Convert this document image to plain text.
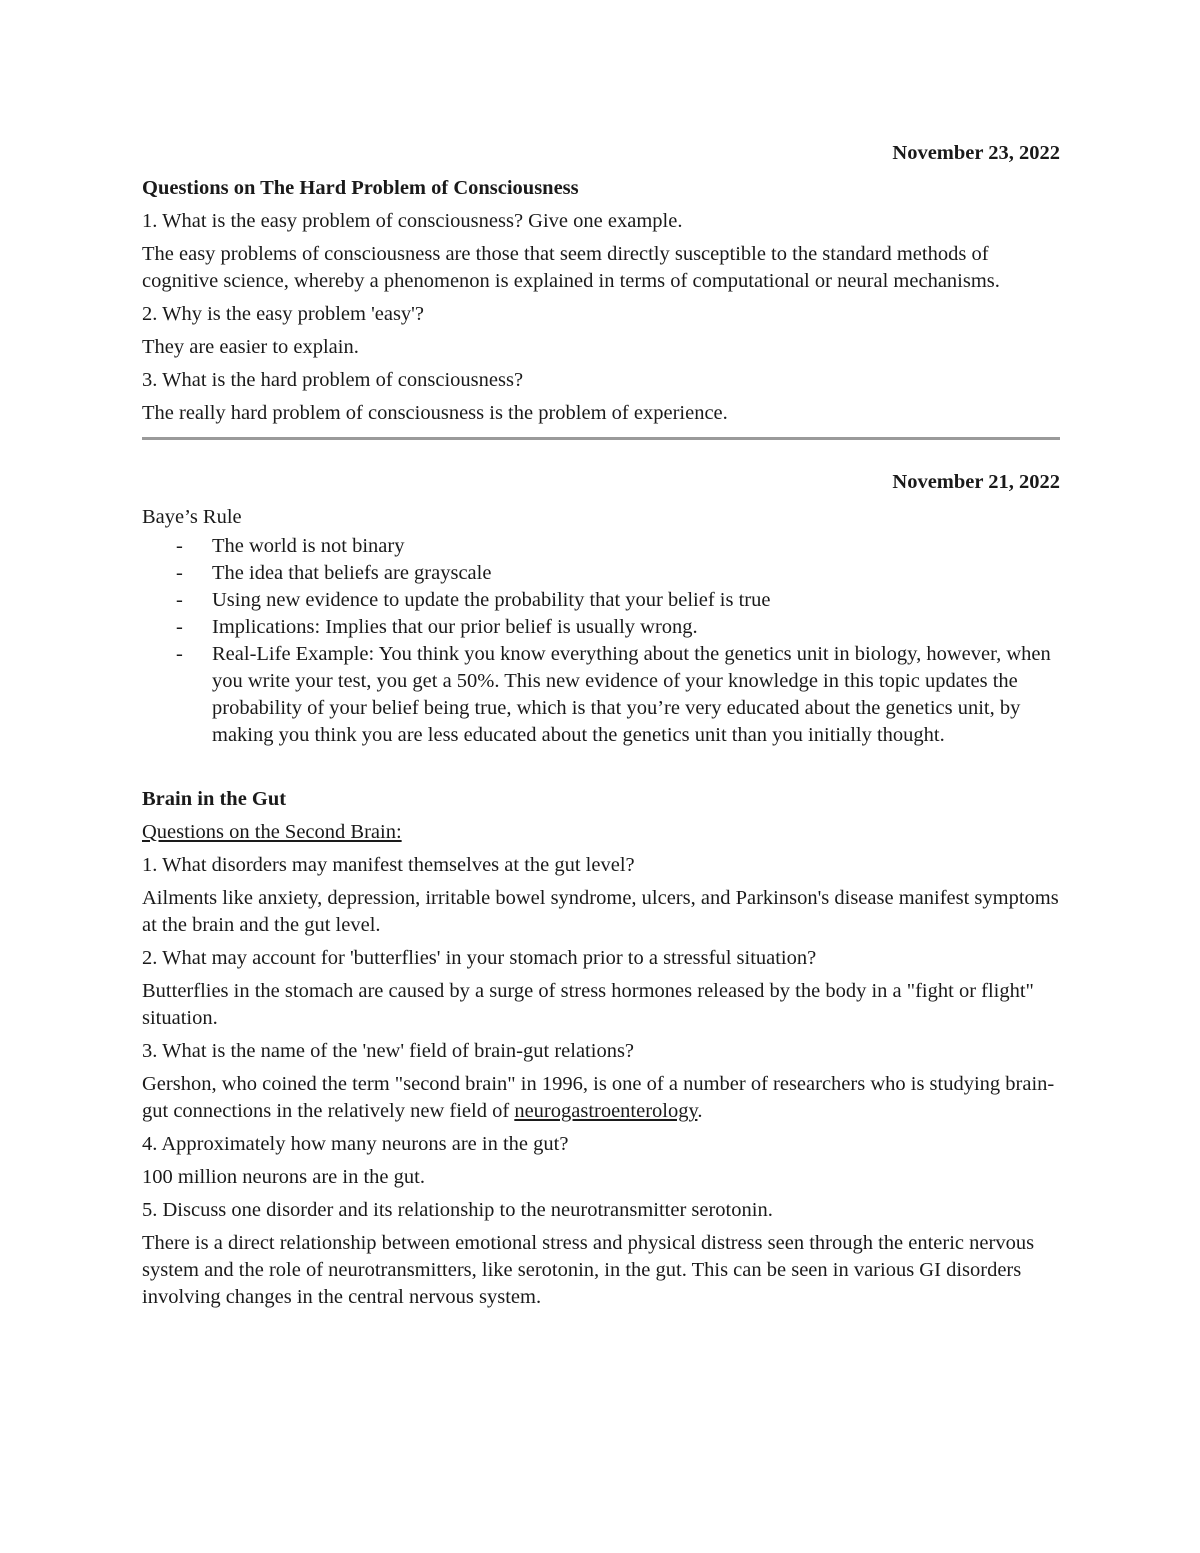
November 23, 2022

Questions on The Hard Problem of Consciousness

1. What is the easy problem of consciousness? Give one example.

The easy problems of consciousness are those that seem directly susceptible to the standard methods of cognitive science, whereby a phenomenon is explained in terms of computational or neural mechanisms.

2. Why is the easy problem 'easy'?

They are easier to explain.

3. What is the hard problem of consciousness?

The really hard problem of consciousness is the problem of experience.

November 21, 2022

Baye’s Rule

- The world is not binary
- The idea that beliefs are grayscale
- Using new evidence to update the probability that your belief is true
- Implications: Implies that our prior belief is usually wrong.
- Real-Life Example: You think you know everything about the genetics unit in biology, however, when you write your test, you get a 50%. This new evidence of your knowledge in this topic updates the probability of your belief being true, which is that you’re very educated about the genetics unit, by making you think you are less educated about the genetics unit than you initially thought.

Brain in the Gut

Questions on the Second Brain:

1. What disorders may manifest themselves at the gut level?

Ailments like anxiety, depression, irritable bowel syndrome, ulcers, and Parkinson's disease manifest symptoms at the brain and the gut level.

2. What may account for 'butterflies' in your stomach prior to a stressful situation?

Butterflies in the stomach are caused by a surge of stress hormones released by the body in a "fight or flight" situation.

3. What is the name of the 'new' field of brain-gut relations?

Gershon, who coined the term "second brain" in 1996, is one of a number of researchers who is studying brain-gut connections in the relatively new field of neurogastroenterology.

4. Approximately how many neurons are in the gut?

100 million neurons are in the gut.

5. Discuss one disorder and its relationship to the neurotransmitter serotonin.

There is a direct relationship between emotional stress and physical distress seen through the enteric nervous system and the role of neurotransmitters, like serotonin, in the gut. This can be seen in various GI disorders involving changes in the central nervous system.
